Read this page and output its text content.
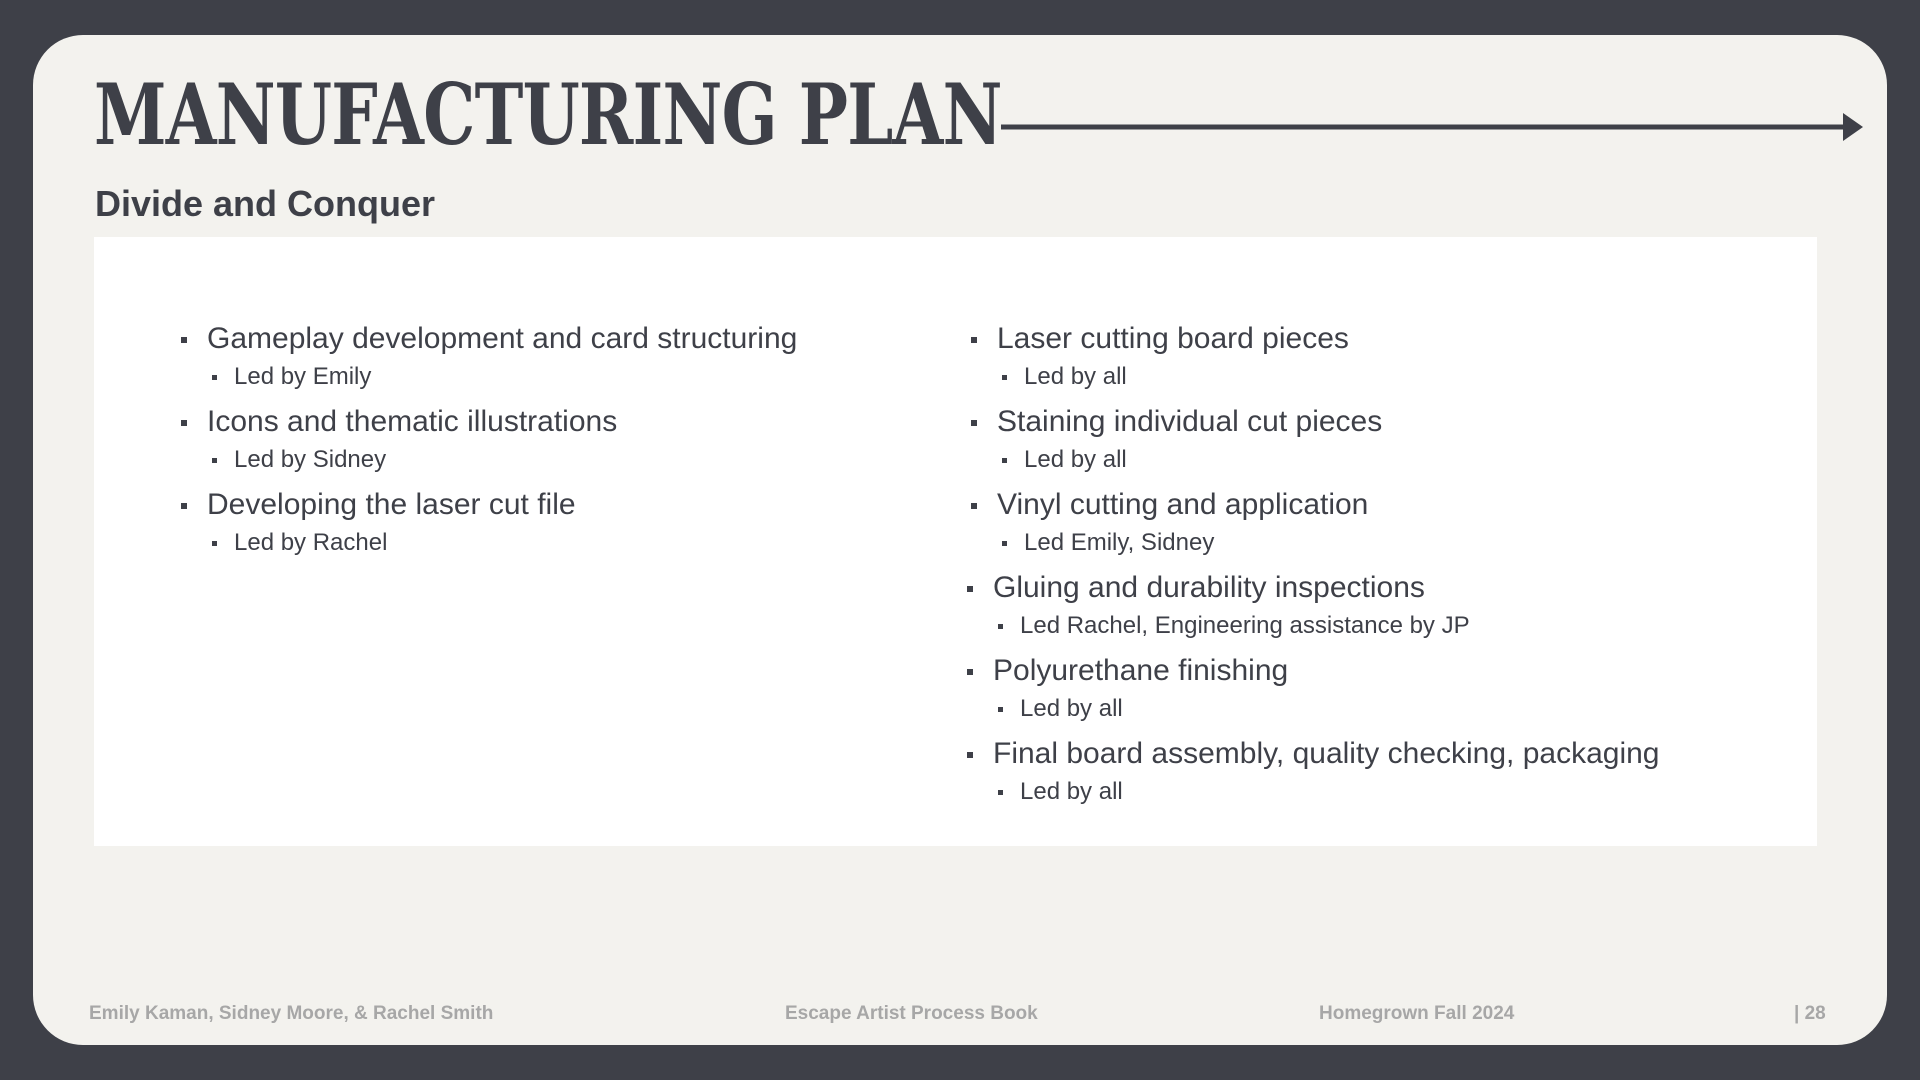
MANUFACTURING PLAN
Divide and Conquer
Gameplay development and card structuring
Led by Emily
Icons and thematic illustrations
Led by Sidney
Developing the laser cut file
Led by Rachel
Laser cutting board pieces
Led by all
Staining individual cut pieces
Led by all
Vinyl cutting and application
Led Emily, Sidney
Gluing and durability inspections
Led Rachel, Engineering assistance by JP
Polyurethane finishing
Led by all
Final board assembly, quality checking, packaging
Led by all
Emily Kaman, Sidney Moore, & Rachel Smith	Escape Artist Process Book	Homegrown Fall 2024	| 28
